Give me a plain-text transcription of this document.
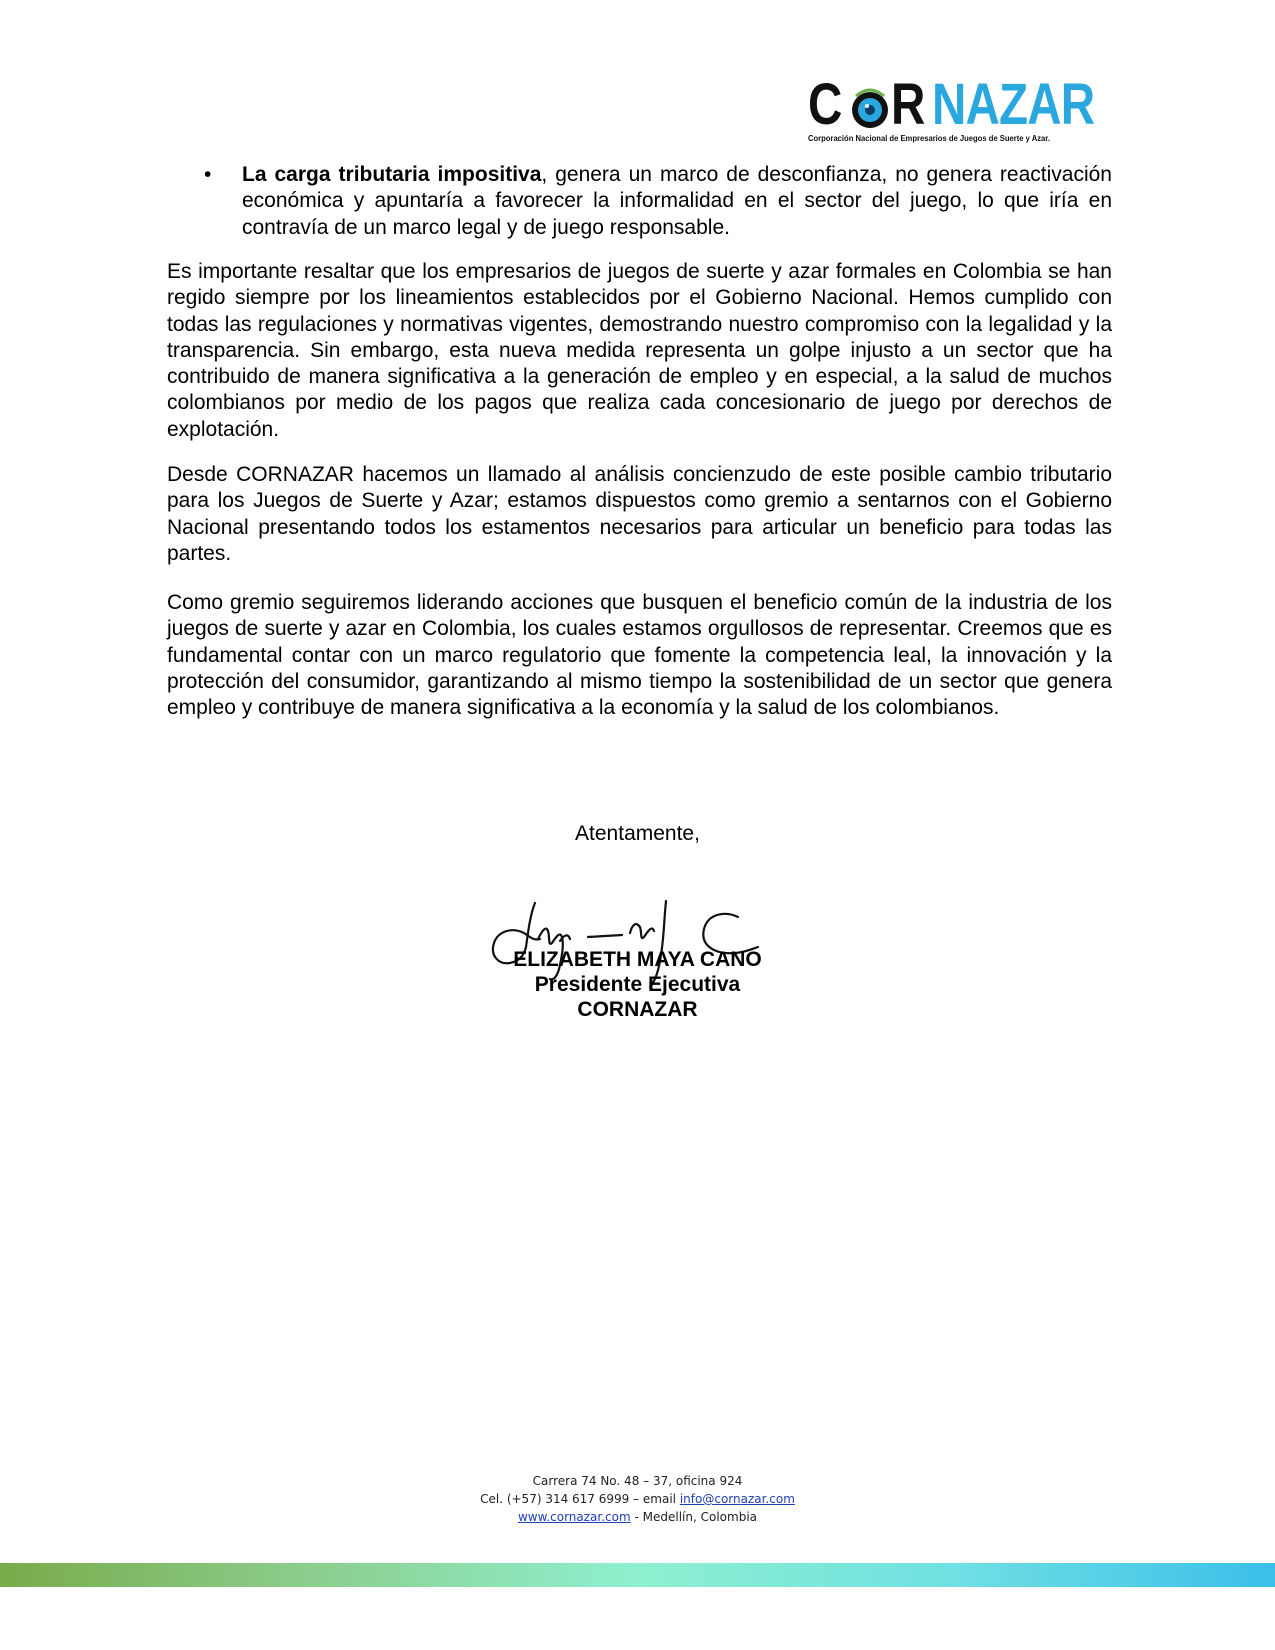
C R NAZAR
Corporación Nacional de Empresarios de Juegos de Suerte y Azar.
• La carga tributaria impositiva, genera un marco de desconfianza, no genera reactivación económica y apuntaría a favorecer la informalidad en el sector del juego, lo que iría en contravía de un marco legal y de juego responsable.

Es importante resaltar que los empresarios de juegos de suerte y azar formales en Colombia se han regido siempre por los lineamientos establecidos por el Gobierno Nacional. Hemos cumplido con todas las regulaciones y normativas vigentes, demostrando nuestro compromiso con la legalidad y la transparencia. Sin embargo, esta nueva medida representa un golpe injusto a un sector que ha contribuido de manera significativa a la generación de empleo y en especial, a la salud de muchos colombianos por medio de los pagos que realiza cada concesionario de juego por derechos de explotación.

Desde CORNAZAR hacemos un llamado al análisis concienzudo de este posible cambio tributario para los Juegos de Suerte y Azar; estamos dispuestos como gremio a sentarnos con el Gobierno Nacional presentando todos los estamentos necesarios para articular un beneficio para todas las partes.

Como gremio seguiremos liderando acciones que busquen el beneficio común de la industria de los juegos de suerte y azar en Colombia, los cuales estamos orgullosos de representar. Creemos que es fundamental contar con un marco regulatorio que fomente la competencia leal, la innovación y la protección del consumidor, garantizando al mismo tiempo la sostenibilidad de un sector que genera empleo y contribuye de manera significativa a la economía y la salud de los colombianos.

Atentamente,
ELIZABETH MAYA CANO
Presidente Ejecutiva
CORNAZAR
Carrera 74 No. 48 – 37, oficina 924
Cel. (+57) 314 617 6999 – email info@cornazar.com
www.cornazar.com - Medellín, Colombia
